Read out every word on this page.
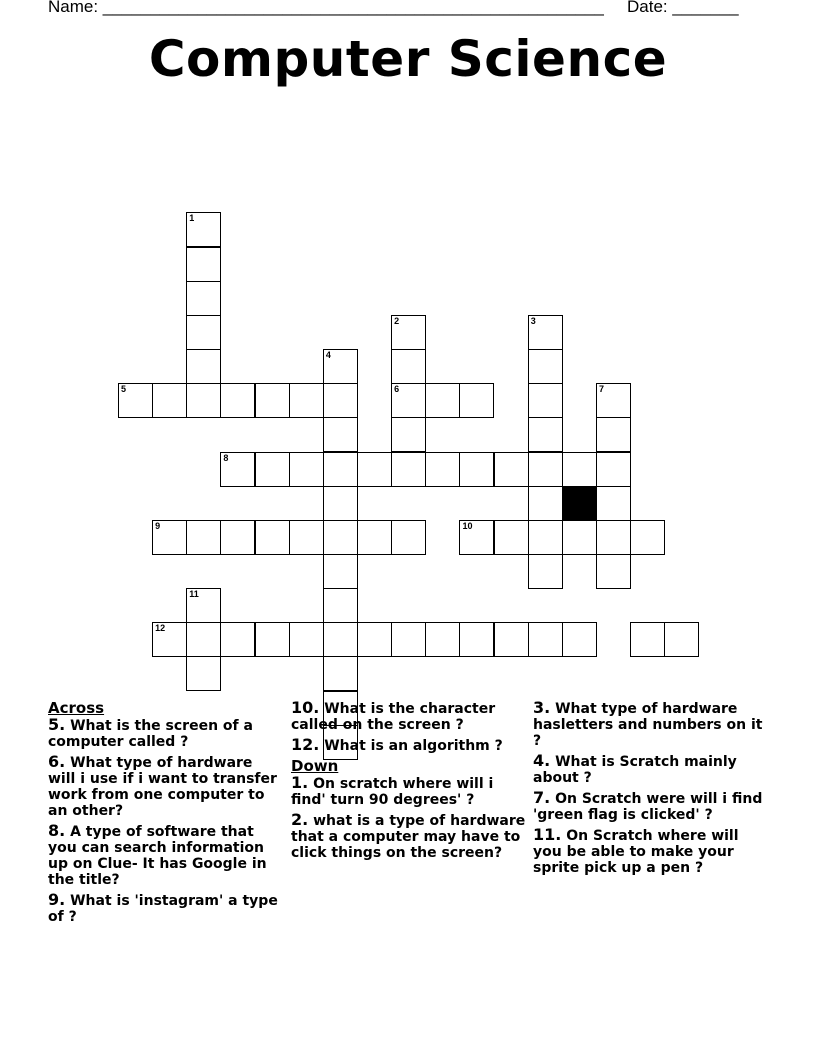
Name: _____________________________________________________ Date: _______
Computer Science
1
2
6
3
4
5	7
8
9	10
11
12
Across
5. What is the screen of a computer called ?
6. What type of hardware will i use if i want to transfer work from one computer to an other?
8. A type of software that you can search information up on Clue- It has Google in the title?
9. What is 'instagram' a type of ?
10. What is the character called on the screen ?
12. What is an algorithm ?
Down
1. On scratch where will i find' turn 90 degrees' ?
2. what is a type of hardware that a computer may have to click things on the screen?
3. What type of hardware hasletters and numbers on it ?
4. What is Scratch mainly about ?
7. On Scratch were will i find 'green flag is clicked' ?
11. On Scratch where will you be able to make your sprite pick up a pen ?
